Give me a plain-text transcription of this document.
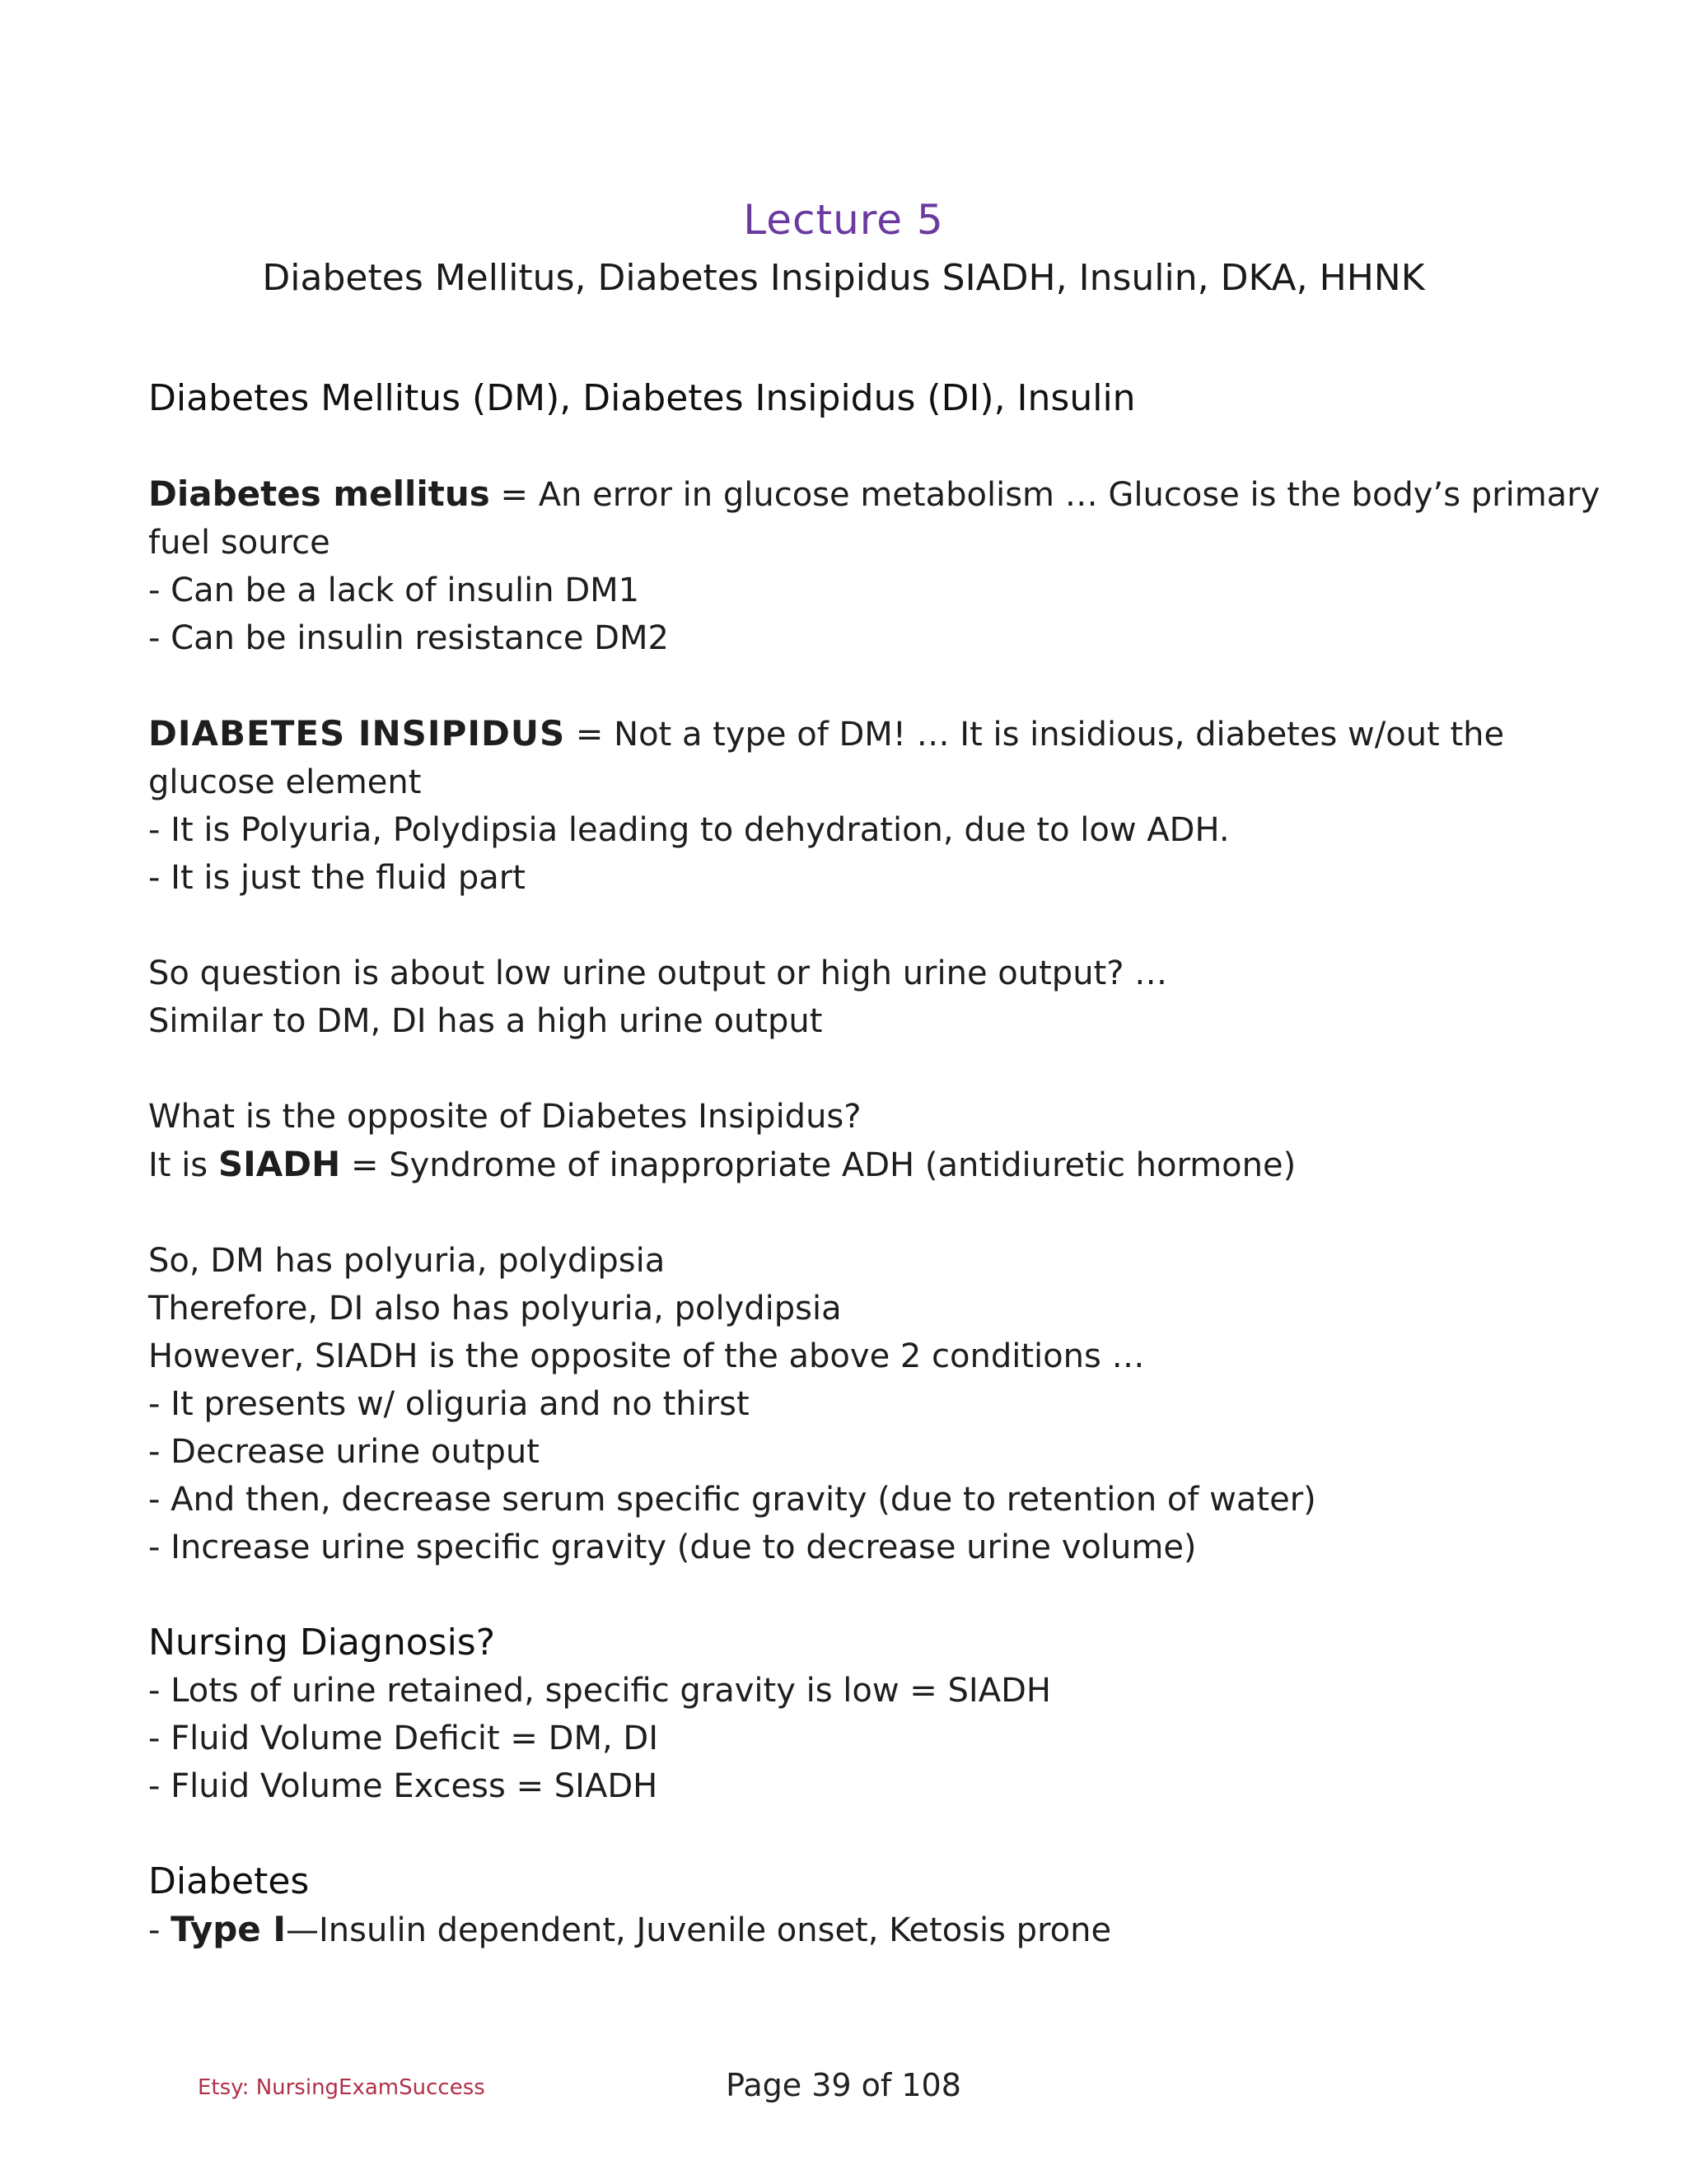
Lecture 5
Diabetes Mellitus, Diabetes Insipidus SIADH, Insulin, DKA, HHNK
Diabetes Mellitus (DM), Diabetes Insipidus (DI), Insulin
Diabetes mellitus = An error in glucose metabolism … Glucose is the body’s primary
fuel source
- Can be a lack of insulin DM1
- Can be insulin resistance DM2
DIABETES INSIPIDUS = Not a type of DM! … It is insidious, diabetes w/out the
glucose element
- It is Polyuria, Polydipsia leading to dehydration, due to low ADH.
- It is just the fluid part
So question is about low urine output or high urine output? …
Similar to DM, DI has a high urine output
What is the opposite of Diabetes Insipidus?
It is SIADH = Syndrome of inappropriate ADH (antidiuretic hormone)
So, DM has polyuria, polydipsia
Therefore, DI also has polyuria, polydipsia
However, SIADH is the opposite of the above 2 conditions …
- It presents w/ oliguria and no thirst
- Decrease urine output
- And then, decrease serum specific gravity (due to retention of water)
- Increase urine specific gravity (due to decrease urine volume)
Nursing Diagnosis?
- Lots of urine retained, specific gravity is low = SIADH
- Fluid Volume Deficit = DM, DI
- Fluid Volume Excess = SIADH
Diabetes
- Type I—Insulin dependent, Juvenile onset, Ketosis prone
Etsy: NursingExamSuccess	Page 39 of 108
